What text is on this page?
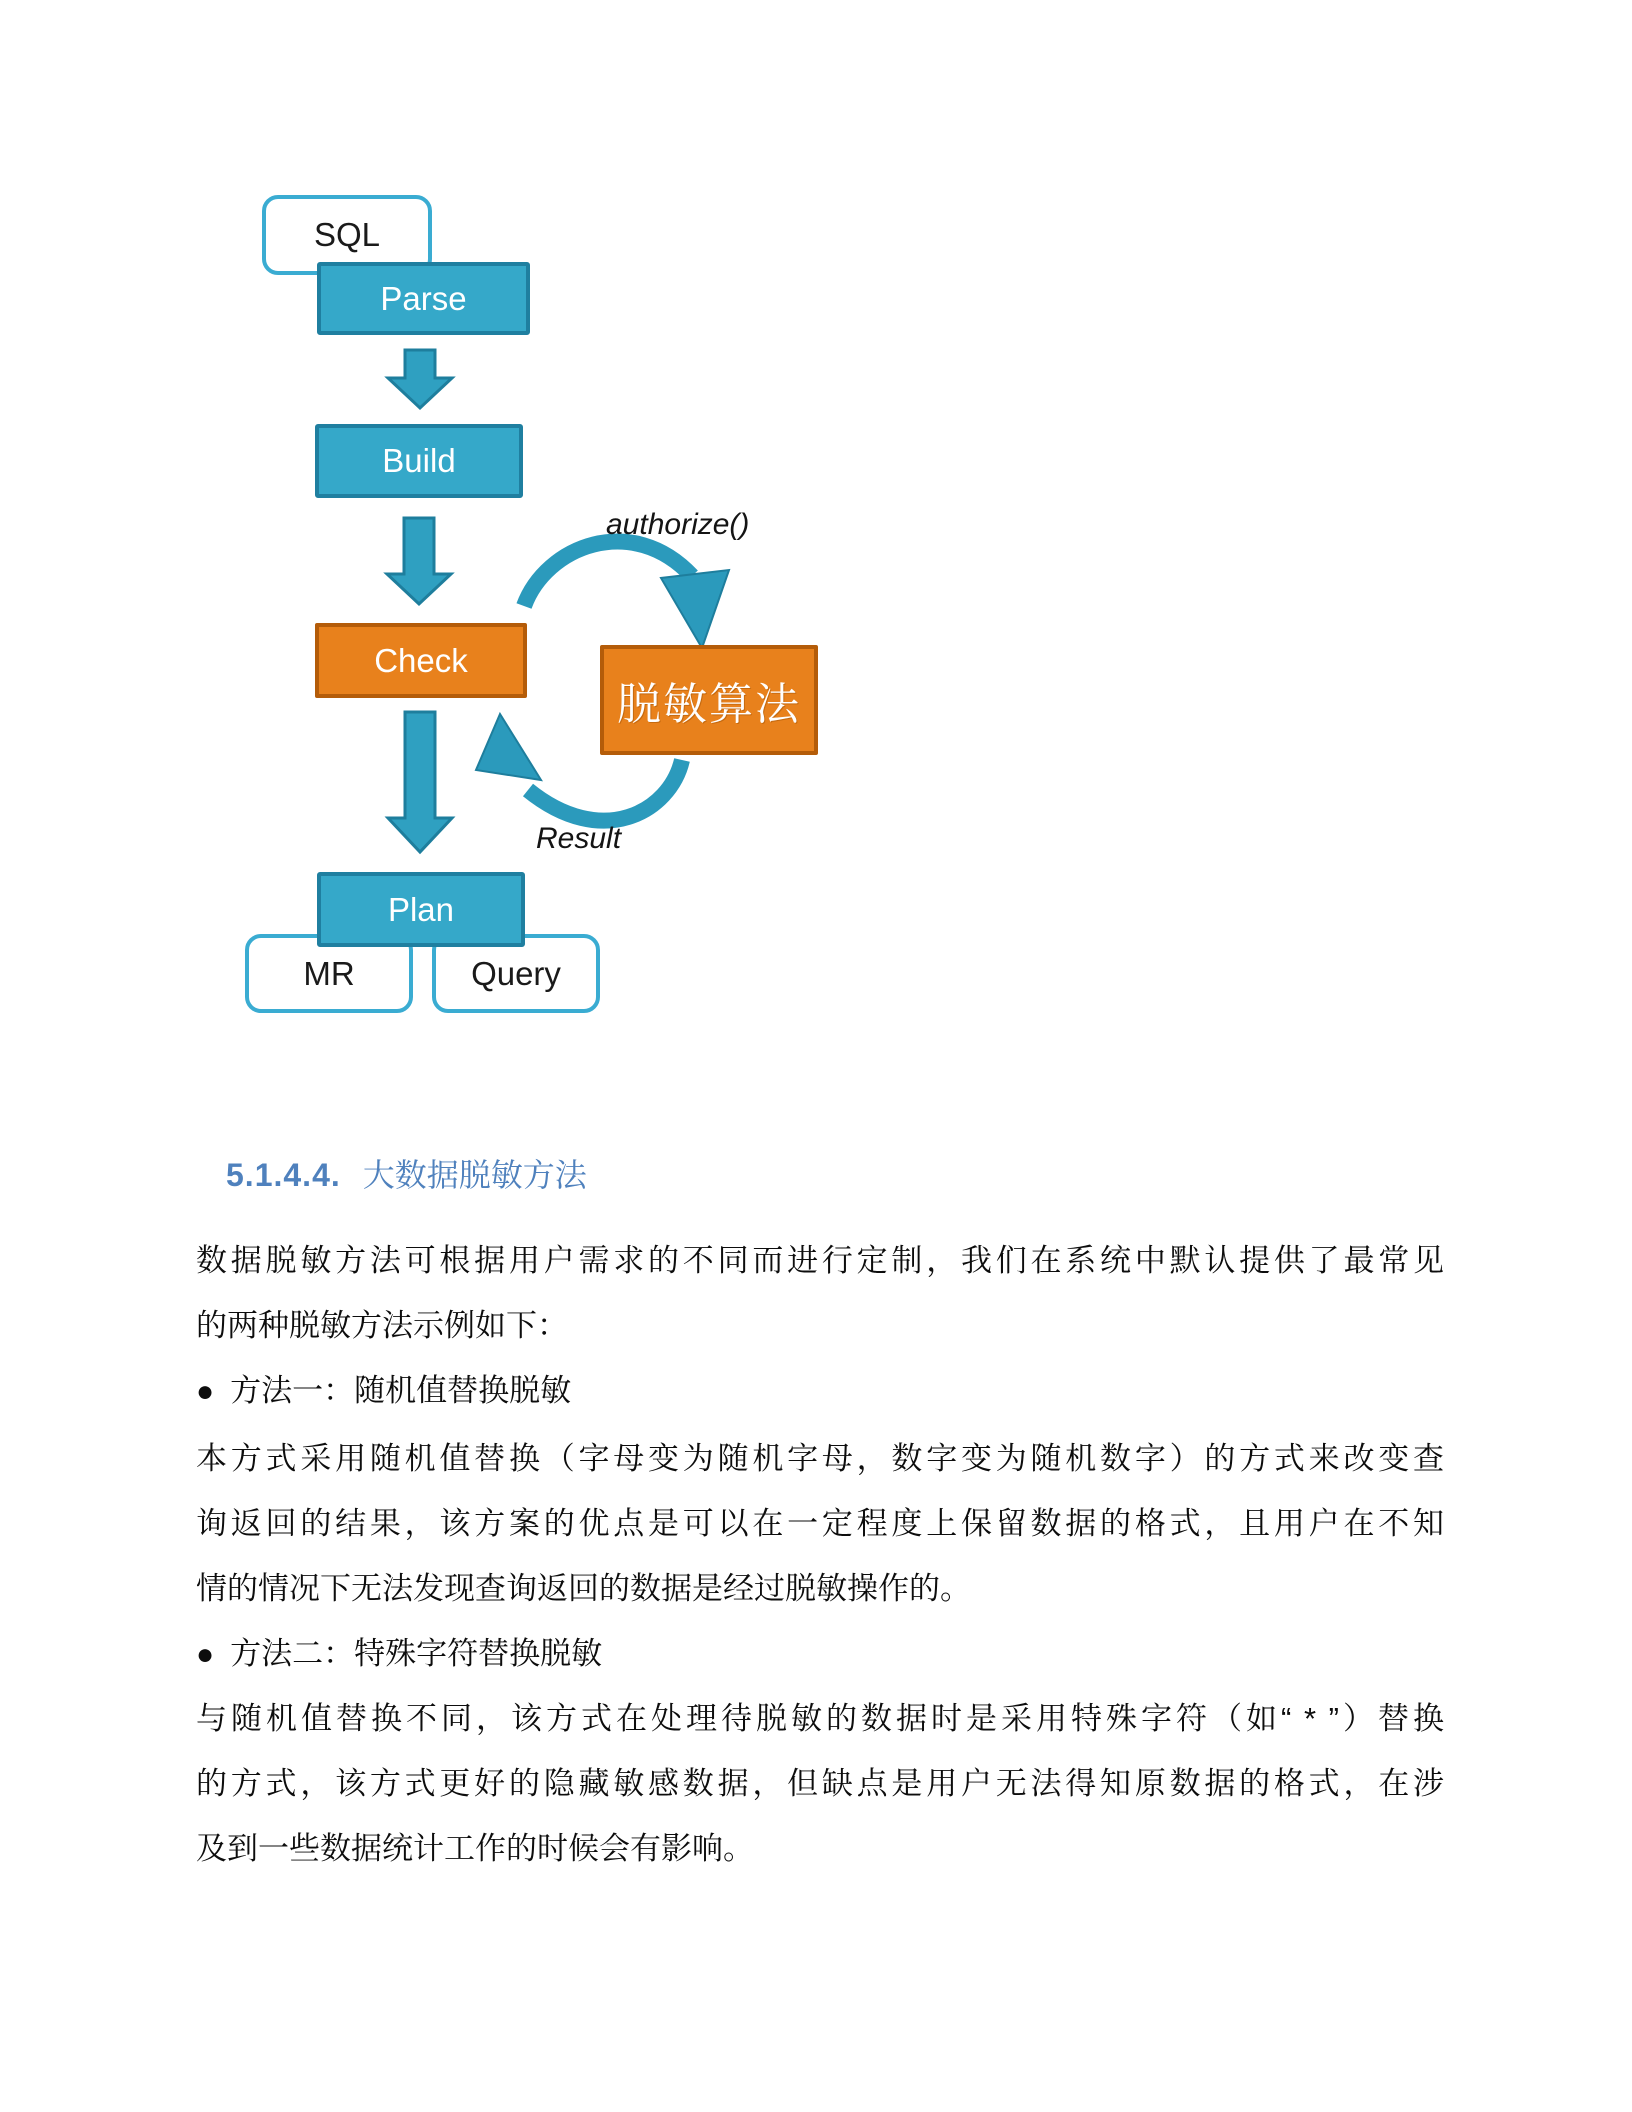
SQL
Parse
Build
Check
脱敏算法
MR	Query
Plan
authorize()
Result
5.1.4.4. 大数据脱敏方法
数据脱敏方法可根据用户需求的不同而进行定制，我们在系统中默认提供了最常见
的两种脱敏方法示例如下：
● 方法一：随机值替换脱敏
本方式采用随机值替换（字母变为随机字母，数字变为随机数字）的方式来改变查
询返回的结果，该方案的优点是可以在一定程度上保留数据的格式，且用户在不知
情的情况下无法发现查询返回的数据是经过脱敏操作的。
● 方法二：特殊字符替换脱敏
与随机值替换不同，该方式在处理待脱敏的数据时是采用特殊字符（如“ * ”）替换
的方式，该方式更好的隐藏敏感数据，但缺点是用户无法得知原数据的格式，在涉
及到一些数据统计工作的时候会有影响。
